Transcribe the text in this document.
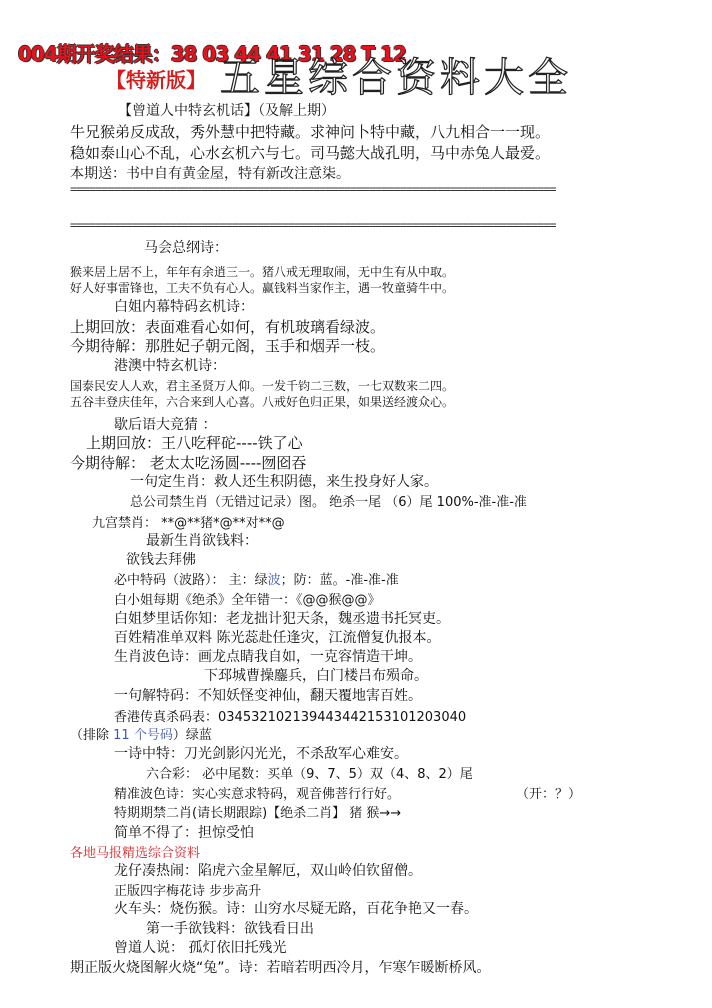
004期开奖结果：38 03 44 41 31 28 T 12
【特新版】 五星综合资料大全
【曾道人中特玄机话】（及解上期）
牛兄猴弟反成敌，秀外慧中把特藏。求神问卜特中藏，八九相合一一现。
稳如泰山心不乱，心水玄机六与七。司马懿大战孔明，马中赤兔人最爱。
本期送：书中自有黄金屋，特有新改注意柒。
==============================================================================
==============================================================================
马会总纲诗：
猴来居上居不上，年年有余逍三一。猪八戒无理取闹，无中生有从中取。
好人好事雷锋也，工夫不负有心人。赢钱料当家作主，遇一牧童骑牛中。
白姐内幕特码玄机诗：
上期回放：表面难看心如何，有机玻璃看绿波。
今期待解：那胜妃子朝元阁，玉手和烟弄一枝。
港澳中特玄机诗：
国泰民安人人欢，君主圣贤万人仰。一发千钧二三数，一七双数来二四。
五谷丰登庆佳年，六合来到人心喜。八戒好色归正果，如果送经渡众心。
歇后语大竞猜 ：
上期回放：王八吃秤砣----铁了心
今期待解： 老太太吃汤圆----囫囵吞
一句定生肖：救人还生积阴德，来生投身好人家。
总公司禁生肖（无错过记录）图。 绝杀一尾 （6）尾 100%-准-准-准
九宫禁肖： **@**猪*@**对**@
最新生肖欲钱料：
欲钱去拜佛
必中特码（波路）： 主：绿波；防：蓝。-准-准-准
白小姐每期《绝杀》全年错一：《@@猴@@》
白姐梦里话你知：老龙拙计犯天条，魏丞遗书托冥吏。
百姓精准单双料 陈光蕊赴任逢灾，江流僧复仇报本。
生肖波色诗：画龙点睛我自如，一克容情造干坤。
下邳城曹操鏖兵，白门楼吕布殒命。
一句解特码：不知妖怪变神仙，翻天覆地害百姓。
香港传真杀码表：034532102139443442153101203040
（排除 11 个号码）绿蓝
一诗中特：刀光剑影闪光光，不杀敌军心难安。
六合彩： 必中尾数：买单（9、7、5）双（4、8、2）尾
精准波色诗：实心实意求特码，观音佛菩行行好。	（开：？）
特期期禁二肖(请长期跟踪)【绝杀二肖】 猪 猴→→
简单不得了：担惊受怕
各地马报精选综合资料
龙仔凑热闹：陷虎六金星解厄，双山岭伯钦留僧。
正版四字梅花诗 步步高升
火车头：烧伤猴。诗：山穷水尽疑无路，百花争艳又一春。
第一手欲钱料：欲钱看日出
曾道人说： 孤灯依旧托残光
期正版火烧图解火烧“兔”。诗：若暗若明西冷月，乍寒乍暖断桥风。
